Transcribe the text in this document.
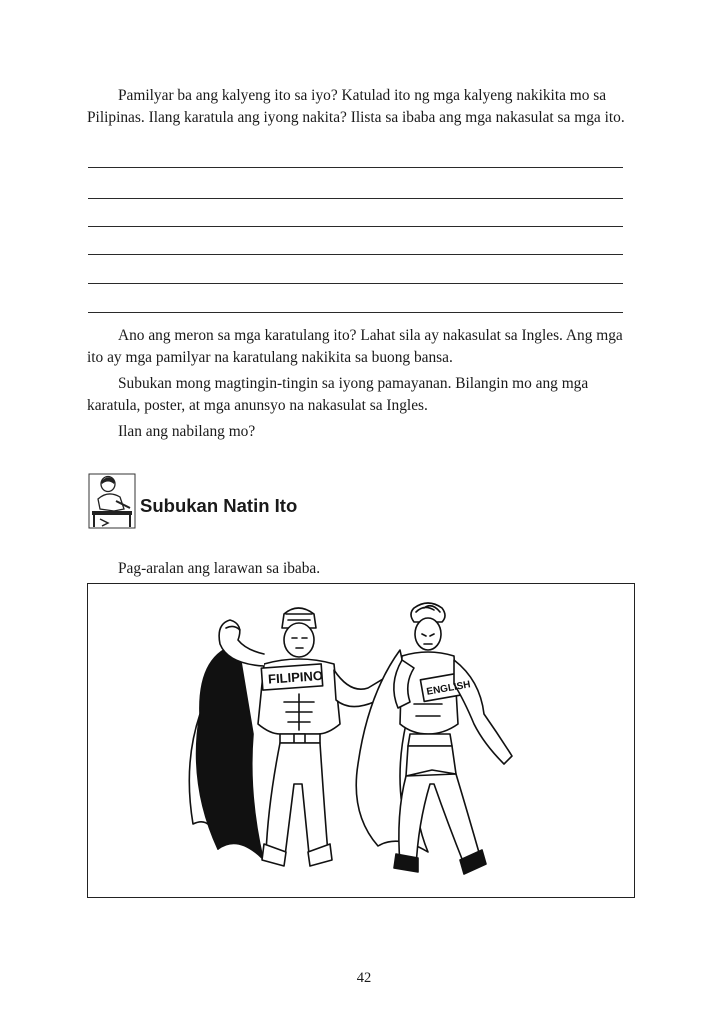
Pamilyar ba ang kalyeng ito sa iyo? Katulad ito ng mga kalyeng nakikita mo sa Pilipinas. Ilang karatula ang iyong nakita? Ilista sa ibaba ang mga nakasulat sa mga ito.

Ano ang meron sa mga karatulang ito? Lahat sila ay nakasulat sa Ingles. Ang mga ito ay mga pamilyar na karatulang nakikita sa buong bansa.

Subukan mong magtingin-tingin sa iyong pamayanan. Bilangin mo ang mga karatula, poster, at mga anunsyo na nakasulat sa Ingles.

Ilan ang nabilang mo?

Subukan Natin Ito

Pag-aralan ang larawan sa ibaba.

FILIPINO
ENGLISH
42
